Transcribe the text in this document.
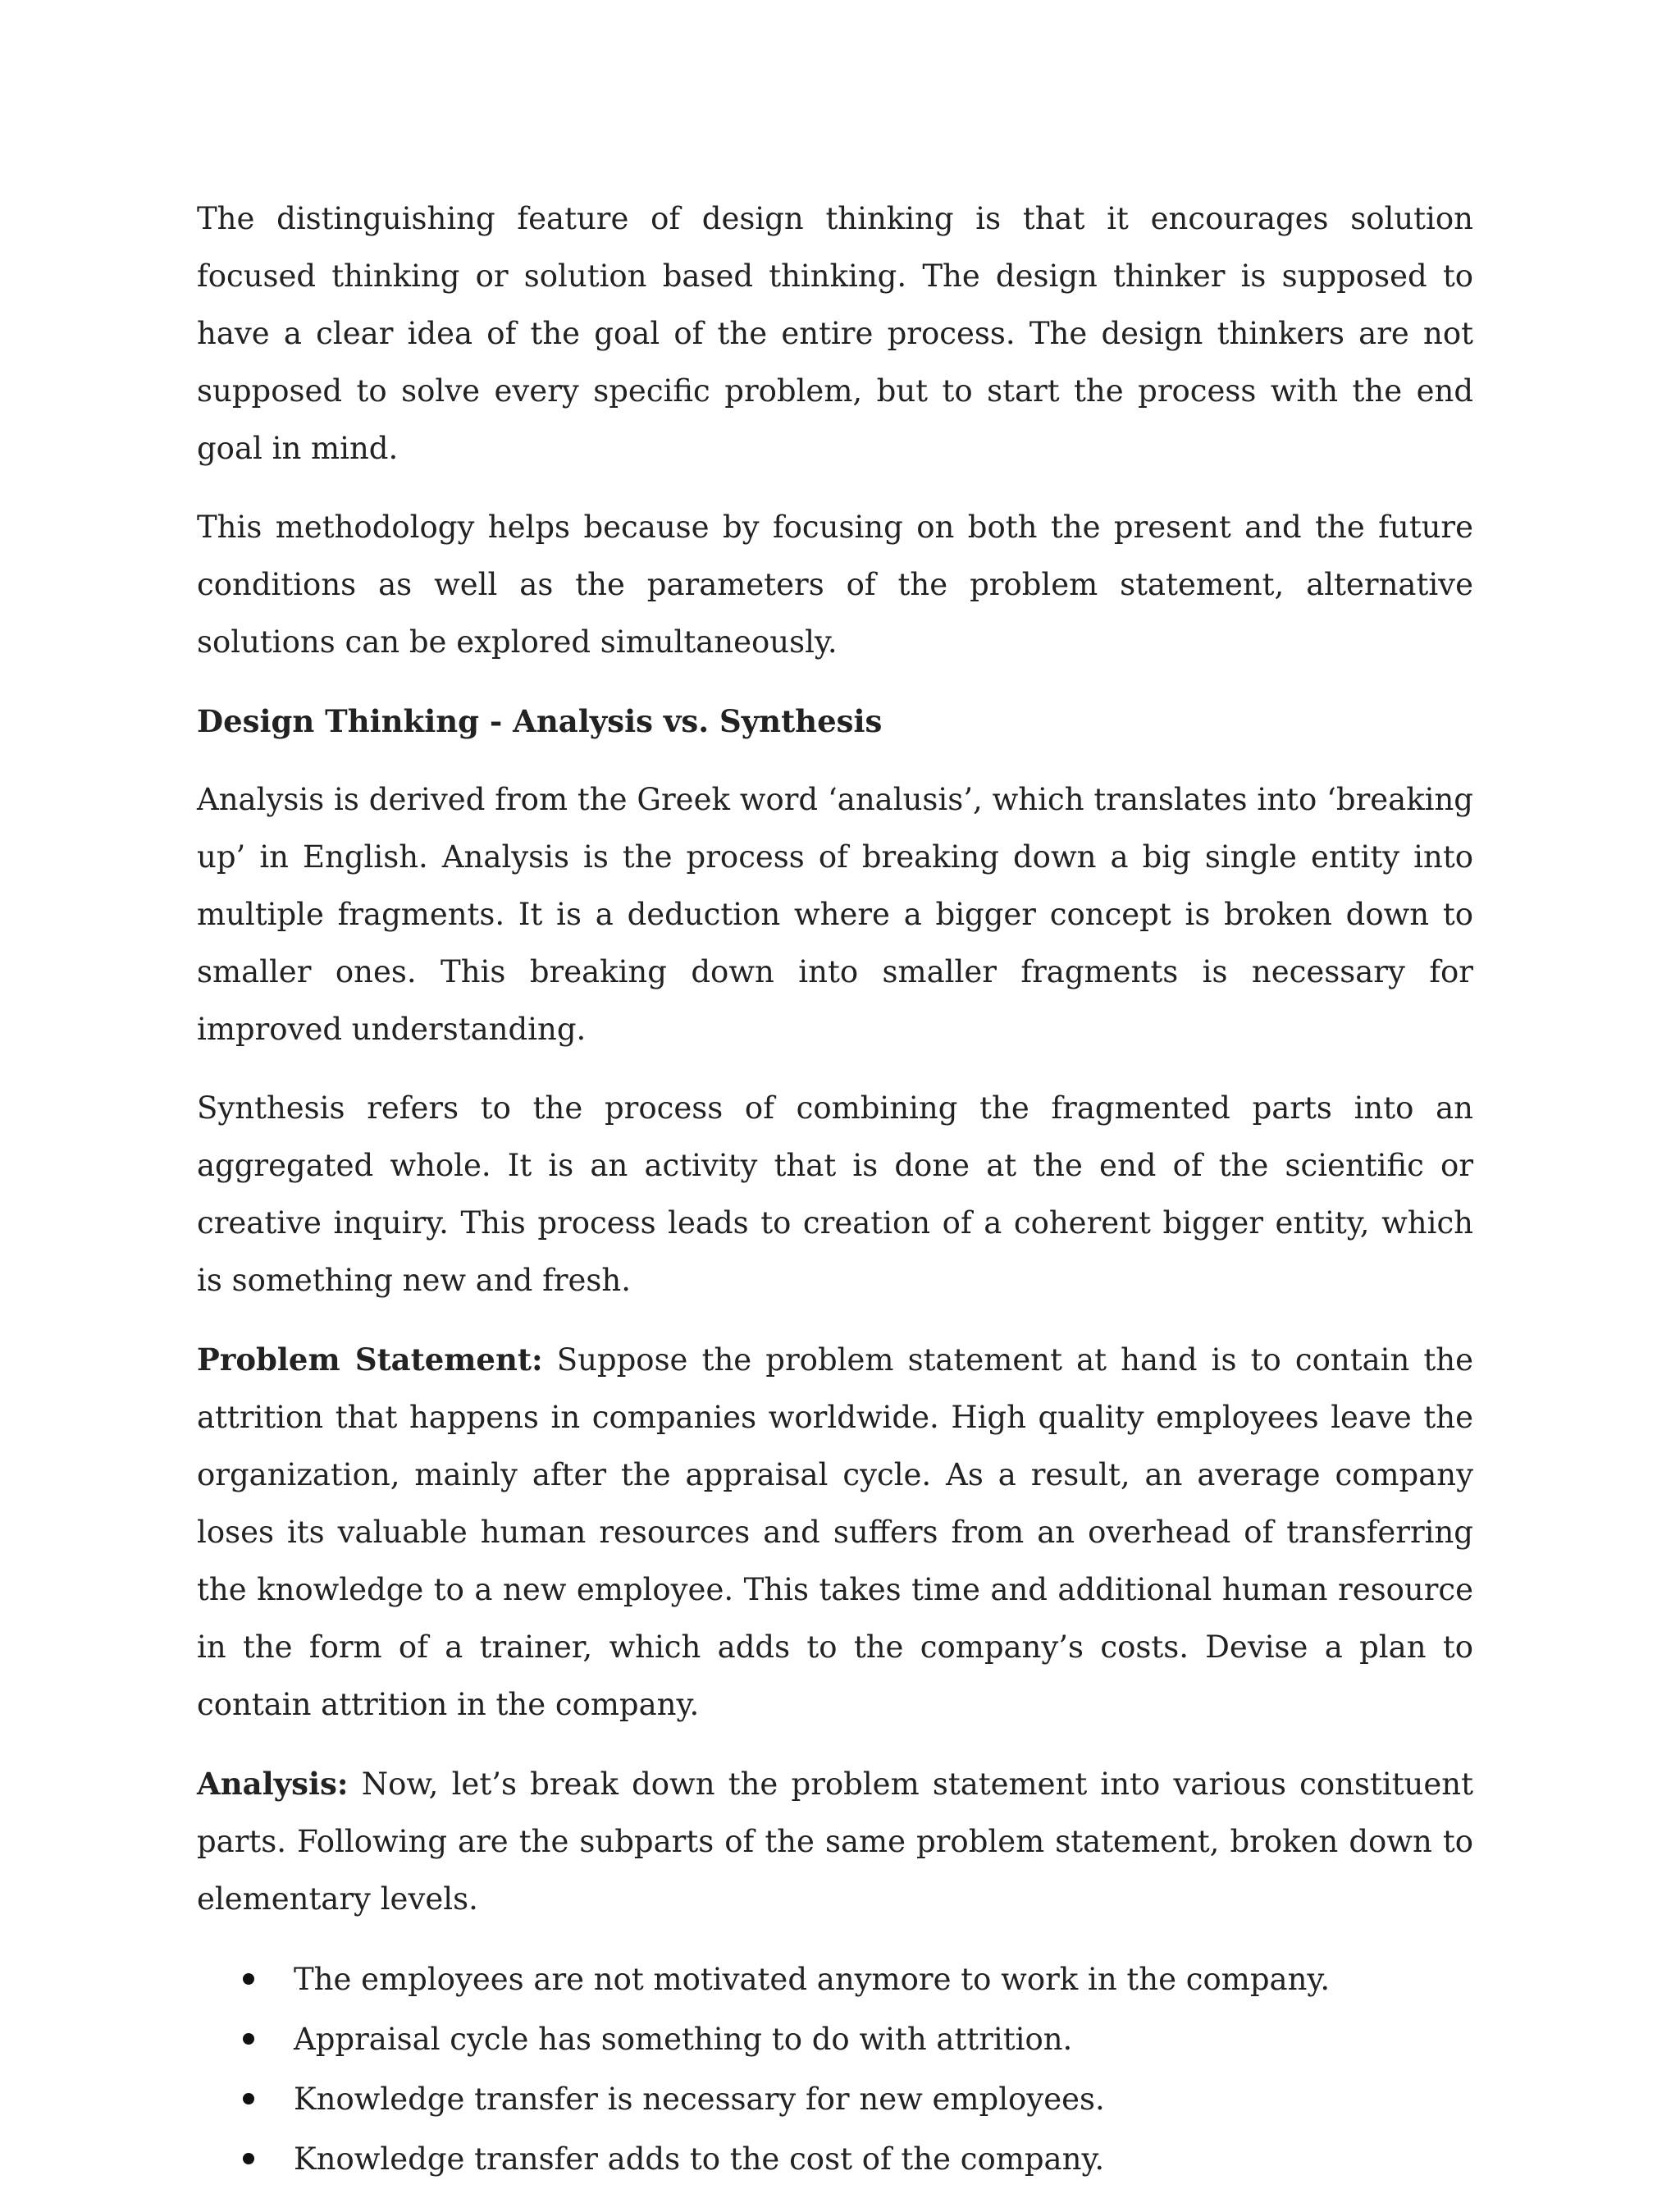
The distinguishing feature of design thinking is that it encourages solution focused thinking or solution based thinking. The design thinker is supposed to have a clear idea of the goal of the entire process. The design thinkers are not supposed to solve every specific problem, but to start the process with the end goal in mind.

This methodology helps because by focusing on both the present and the future conditions as well as the parameters of the problem statement, alternative solutions can be explored simultaneously.

Design Thinking - Analysis vs. Synthesis

Analysis is derived from the Greek word ‘analusis’, which translates into ‘breaking up’ in English. Analysis is the process of breaking down a big single entity into multiple fragments. It is a deduction where a bigger concept is broken down to smaller ones. This breaking down into smaller fragments is necessary for improved understanding.

Synthesis refers to the process of combining the fragmented parts into an aggregated whole. It is an activity that is done at the end of the scientific or creative inquiry. This process leads to creation of a coherent bigger entity, which is something new and fresh.

Problem Statement: Suppose the problem statement at hand is to contain the attrition that happens in companies worldwide. High quality employees leave the organization, mainly after the appraisal cycle. As a result, an average company loses its valuable human resources and suffers from an overhead of transferring the knowledge to a new employee. This takes time and additional human resource in the form of a trainer, which adds to the company’s costs. Devise a plan to contain attrition in the company.

Analysis: Now, let’s break down the problem statement into various constituent parts. Following are the subparts of the same problem statement, broken down to elementary levels.

The employees are not motivated anymore to work in the company.
Appraisal cycle has something to do with attrition.
Knowledge transfer is necessary for new employees.
Knowledge transfer adds to the cost of the company.
